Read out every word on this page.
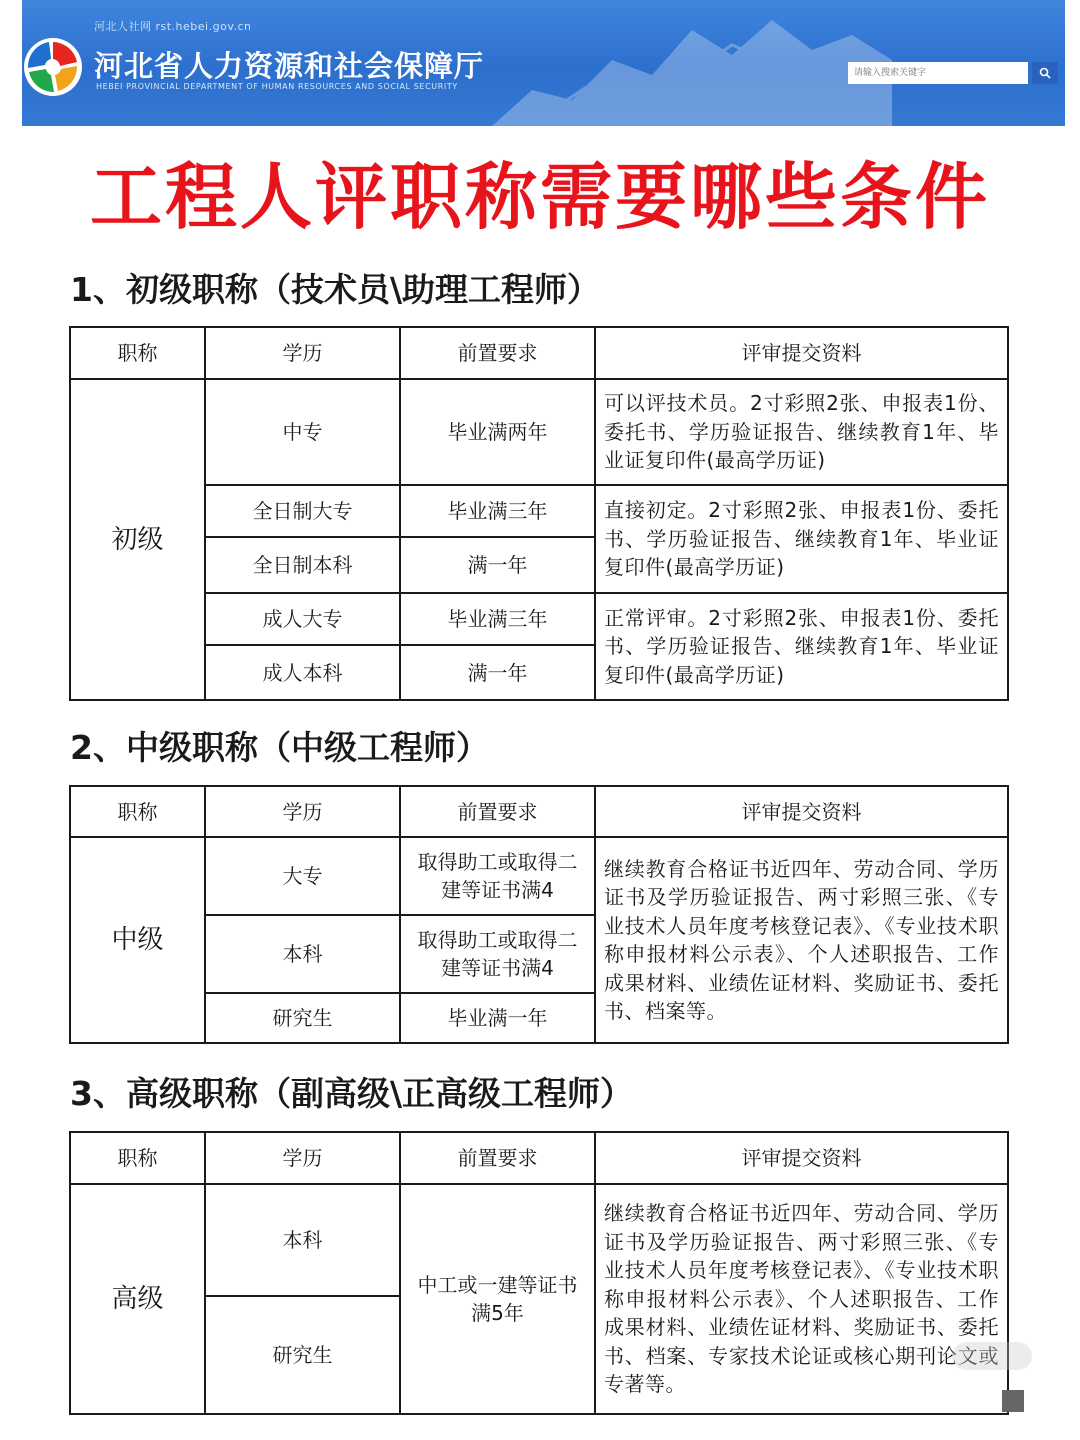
河北人社网 rst.hebei.gov.cn
河北省人力资源和社会保障厅
HEBEI PROVINCIAL DEPARTMENT OF HUMAN RESOURCES AND SOCIAL SECURITY
请输入搜索关键字
工程人评职称需要哪些条件
1、初级职称（技术员\助理工程师）
职称	学历	前置要求	评审提交资料
初级	中专	毕业满两年	可以评技术员。2寸彩照2张、申报表1份、委托书、学历验证报告、继续教育1年、毕业证复印件(最高学历证)
	全日制大专	毕业满三年	直接初定。2寸彩照2张、申报表1份、委托书、学历验证报告、继续教育1年、毕业证复印件(最高学历证)
	全日制本科	满一年	
	成人大专	毕业满三年	正常评审。2寸彩照2张、申报表1份、委托书、学历验证报告、继续教育1年、毕业证复印件(最高学历证)
	成人本科	满一年	
2、中级职称（中级工程师）
职称	学历	前置要求	评审提交资料
中级	大专	取得助工或取得二建等证书满4	继续教育合格证书近四年、劳动合同、学历证书及学历验证报告、两寸彩照三张、《专业技术人员年度考核登记表》、《专业技术职称申报材料公示表》、个人述职报告、工作成果材料、业绩佐证材料、奖励证书、委托书、档案等。
	本科	取得助工或取得二建等证书满4	
	研究生	毕业满一年	
3、高级职称（副高级\正高级工程师）
职称	学历	前置要求	评审提交资料
高级	本科	中工或一建等证书满5年	继续教育合格证书近四年、劳动合同、学历证书及学历验证报告、两寸彩照三张、《专业技术人员年度考核登记表》、《专业技术职称申报材料公示表》、个人述职报告、工作成果材料、业绩佐证材料、奖励证书、委托书、档案、专家技术论证或核心期刊论文或专著等。
	研究生		
